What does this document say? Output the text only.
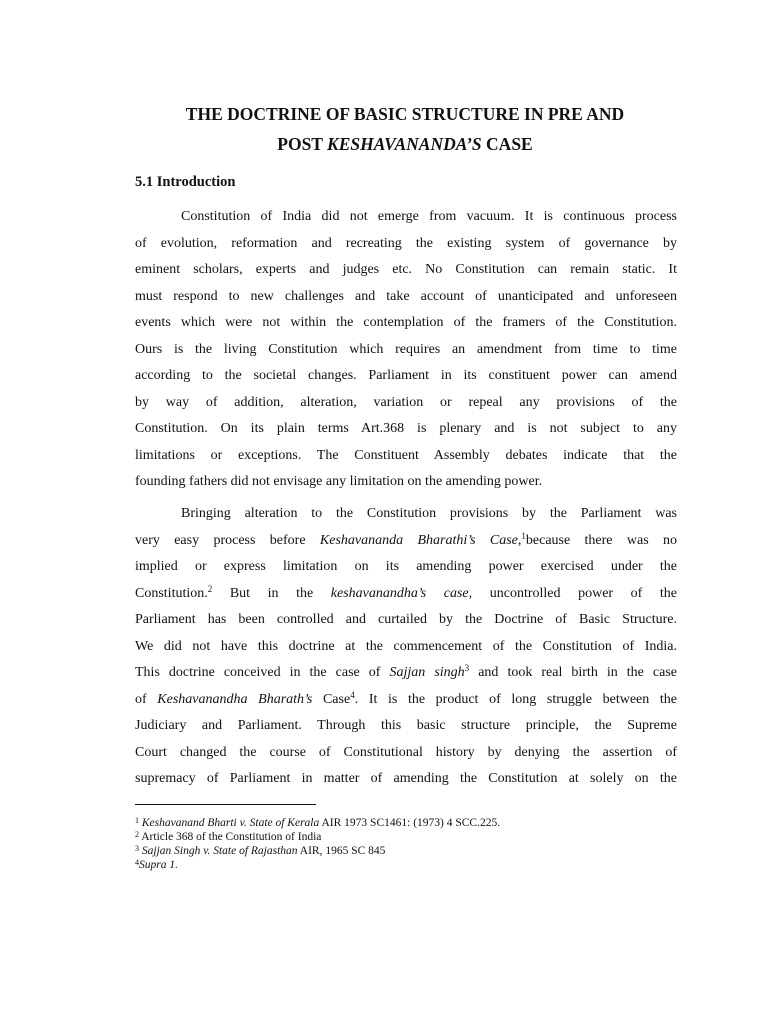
THE DOCTRINE OF BASIC STRUCTURE IN PRE AND
POST KESHAVANANDA’S CASE
5.1 Introduction
Constitution of India did not emerge from vacuum. It is continuous process
of evolution, reformation and recreating the existing system of governance by
eminent scholars, experts and judges etc. No Constitution can remain static. It
must respond to new challenges and take account of unanticipated and unforeseen
events which were not within the contemplation of the framers of the Constitution.
Ours is the living Constitution which requires an amendment from time to time
according to the societal changes. Parliament in its constituent power can amend
by way of addition, alteration, variation or repeal any provisions of the
Constitution. On its plain terms Art.368 is plenary and is not subject to any
limitations or exceptions. The Constituent Assembly debates indicate that the
founding fathers did not envisage any limitation on the amending power.
Bringing alteration to the Constitution provisions by the Parliament was
very easy process before Keshavananda Bharathi’s Case,$^1$because there was no
implied or express limitation on its amending power exercised under the
Constitution.$^2$ But in the keshavanandha’s case, uncontrolled power of the
Parliament has been controlled and curtailed by the Doctrine of Basic Structure.
We did not have this doctrine at the commencement of the Constitution of India.
This doctrine conceived in the case of Sajjan singh$^3$ and took real birth in the case
of Keshavanandha Bharath’s Case$^4$. It is the product of long struggle between the
Judiciary and Parliament. Through this basic structure principle, the Supreme
Court changed the course of Constitutional history by denying the assertion of
supremacy of Parliament in matter of amending the Constitution at solely on the
$^1$ Keshavanand Bharti v. State of Kerala AIR 1973 SC1461: (1973) 4 SCC.225.
$^2$ Article 368 of the Constitution of India
$^3$ Sajjan Singh v. State of Rajasthan AIR, 1965 SC 845
$^4$Supra 1.
